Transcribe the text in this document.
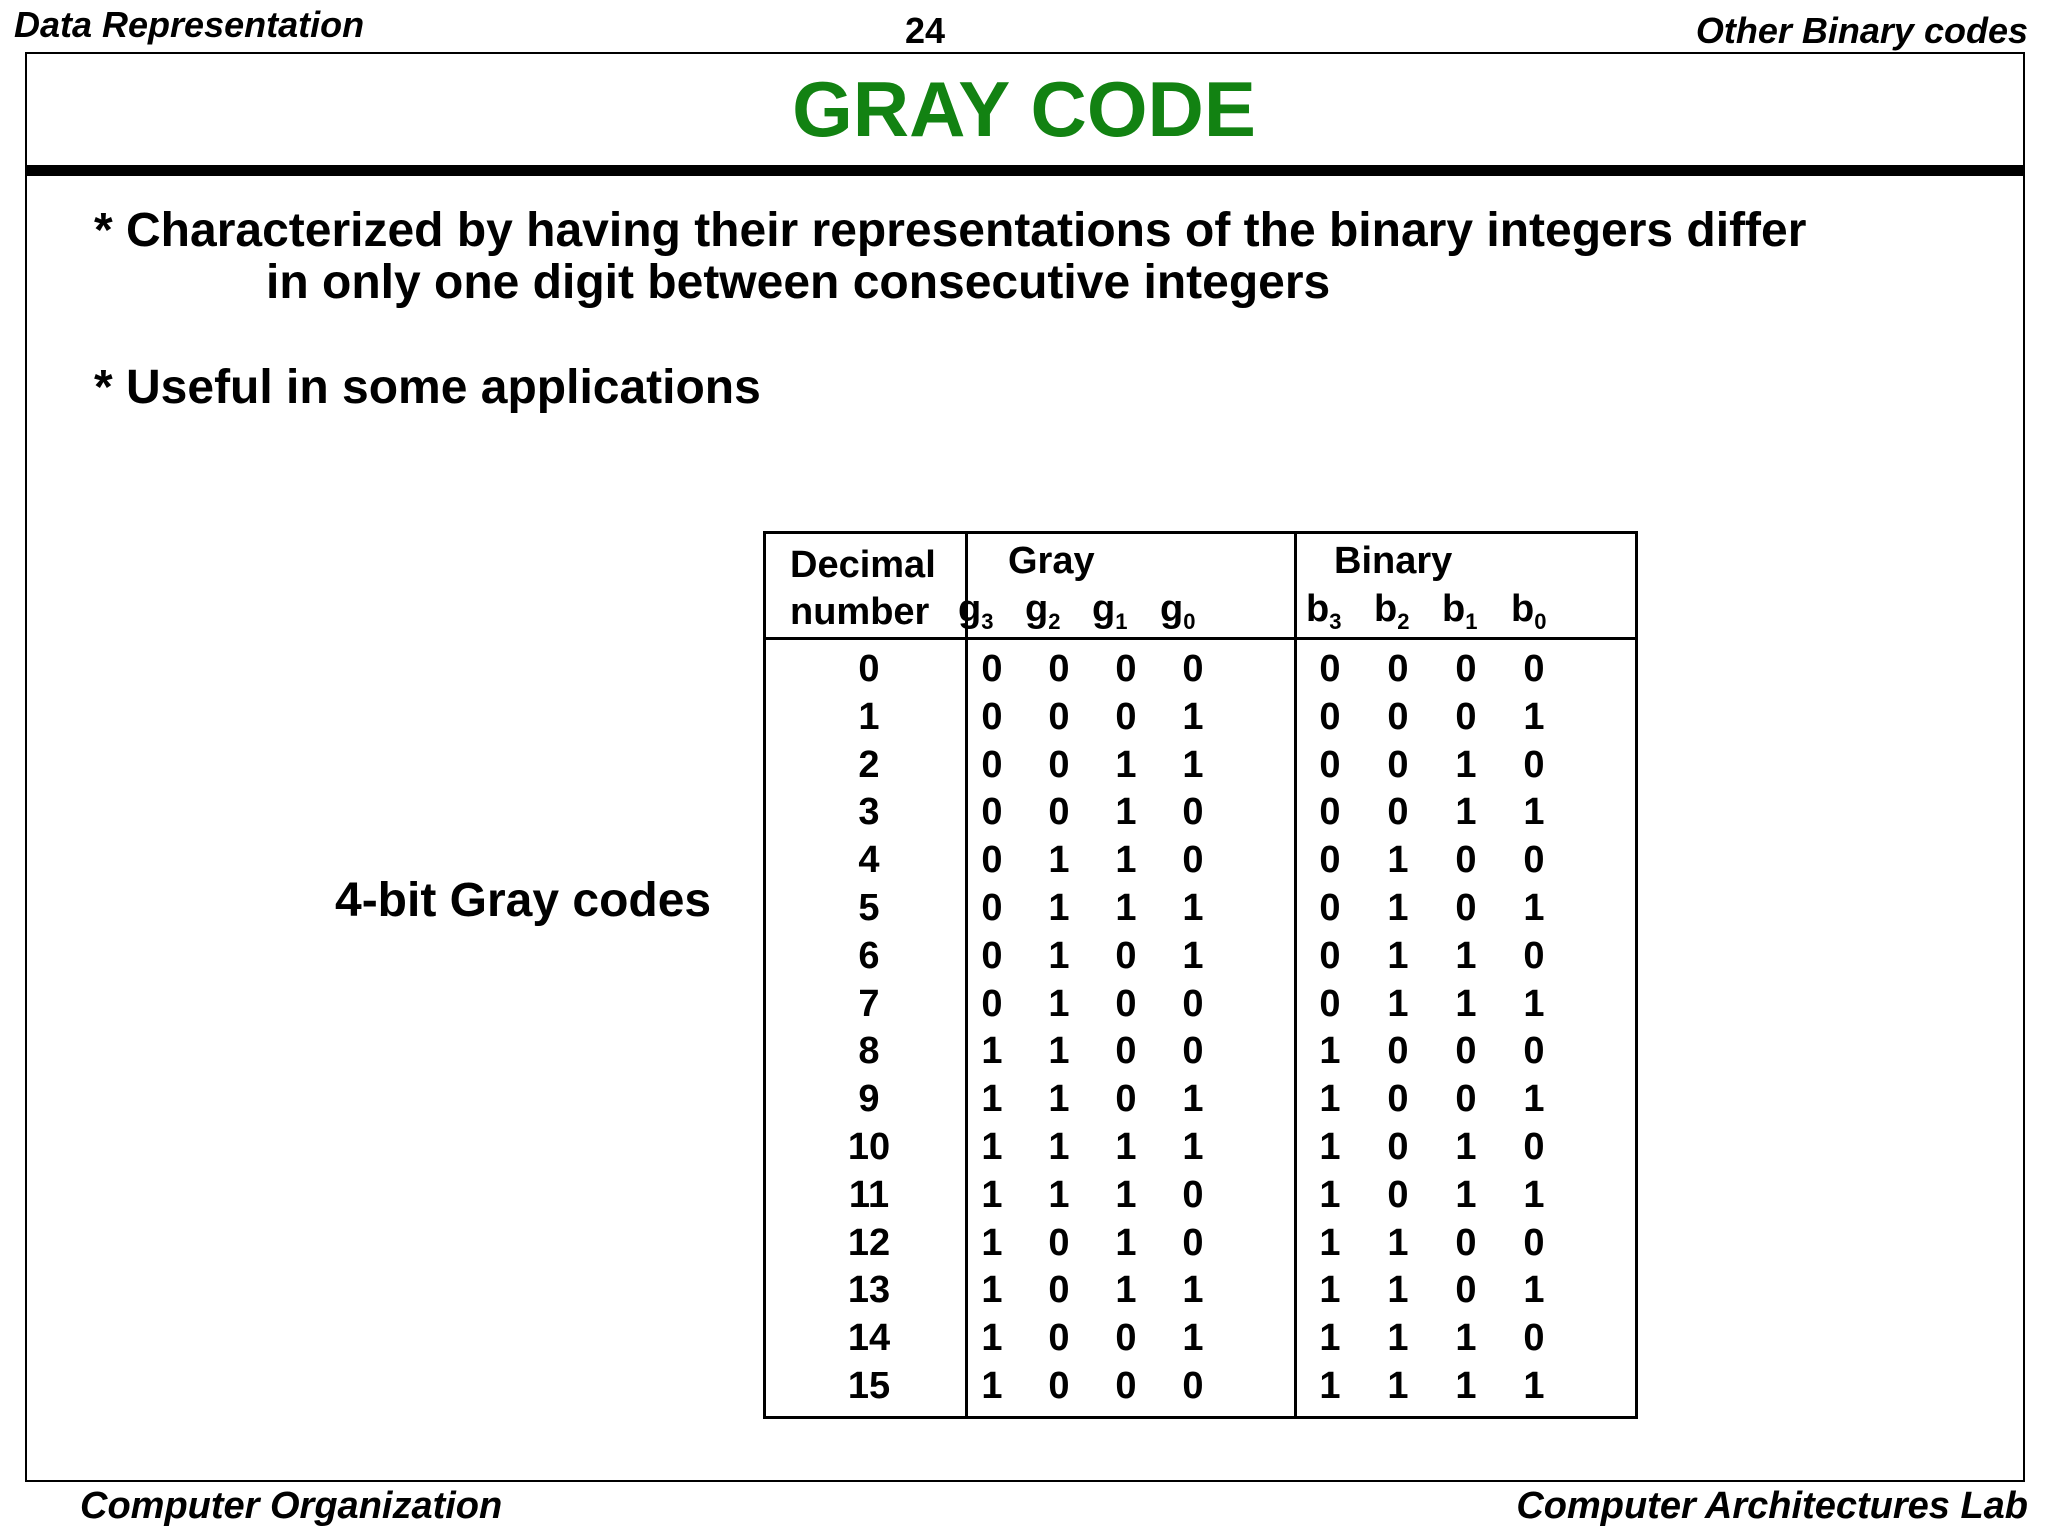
Data Representation	24	Other Binary codes
GRAY CODE
* Characterized by having their representations of the binary integers differ
in only one digit between consecutive integers
* Useful in some applications
4-bit Gray codes
Decimal
number
Gray	Binary
$g_3$ $g_2$ $g_1$ $g_0$	$b_3$ $b_2$ $b_1$ $b_0$
0	0	0	0	0	0	0	0	0
1	0	0	0	1	0	0	0	1
2	0	0	1	1	0	0	1	0
3	0	0	1	0	0	0	1	1
4	0	1	1	0	0	1	0	0
5	0	1	1	1	0	1	0	1
6	0	1	0	1	0	1	1	0
7	0	1	0	0	0	1	1	1
8	1	1	0	0	1	0	0	0
9	1	1	0	1	1	0	0	1
10	1	1	1	1	1	0	1	0
11	1	1	1	0	1	0	1	1
12	1	0	1	0	1	1	0	0
13	1	0	1	1	1	1	0	1
14	1	0	0	1	1	1	1	0
15	1	0	0	0	1	1	1	1
Computer Organization	Computer Architectures Lab
